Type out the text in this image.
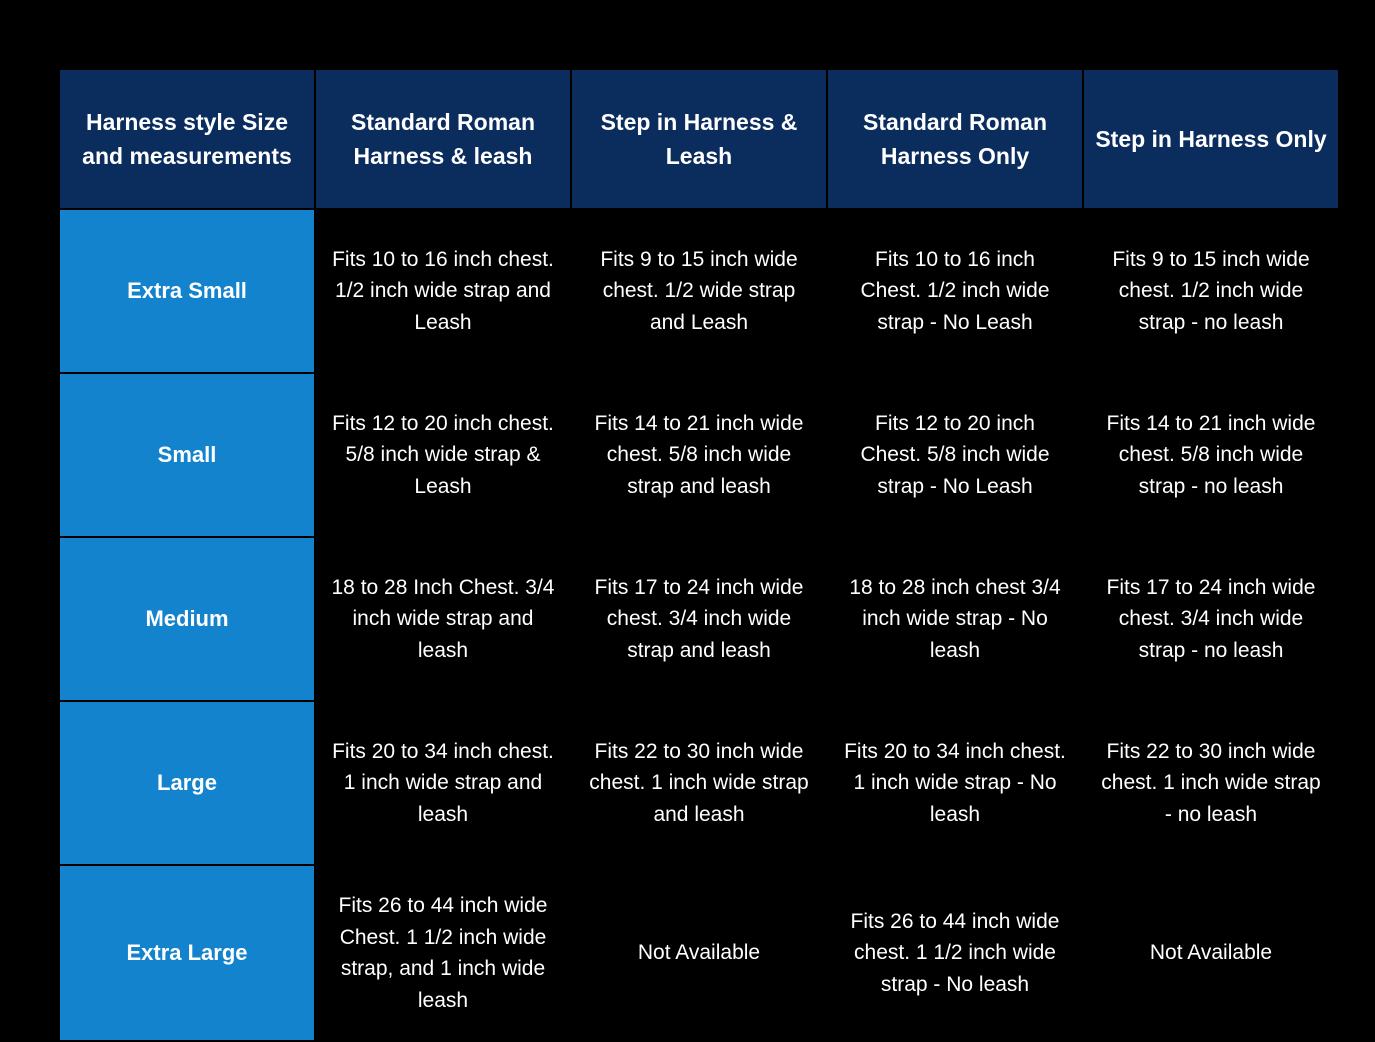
Harness style Size and measurements	Standard Roman Harness & leash	Step in Harness & Leash	Standard Roman Harness Only	Step in Harness Only
Extra Small	Fits 10 to 16 inch chest. 1/2 inch wide strap and Leash	Fits 9 to 15 inch wide chest. 1/2 wide strap and Leash	Fits 10 to 16 inch Chest. 1/2 inch wide strap - No Leash	Fits 9 to 15 inch wide chest. 1/2 inch wide strap - no leash
Small	Fits 12 to 20 inch chest. 5/8 inch wide strap & Leash	Fits 14 to 21 inch wide chest. 5/8 inch wide strap and leash	Fits 12 to 20 inch Chest. 5/8 inch wide strap - No Leash	Fits 14 to 21 inch wide chest. 5/8 inch wide strap - no leash
Medium	18 to 28 Inch Chest. 3/4 inch wide strap and leash	Fits 17 to 24 inch wide chest. 3/4 inch wide strap and leash	18 to 28 inch chest 3/4 inch wide strap - No leash	Fits 17 to 24 inch wide chest. 3/4 inch wide strap - no leash
Large	Fits 20 to 34 inch chest. 1 inch wide strap and leash	Fits 22 to 30 inch wide chest. 1 inch wide strap and leash	Fits 20 to 34 inch chest. 1 inch wide strap - No leash	Fits 22 to 30 inch wide chest. 1 inch wide strap - no leash
Extra Large	Fits 26 to 44 inch wide Chest. 1 1/2 inch wide strap, and 1 inch wide leash	Not Available	Fits 26 to 44 inch wide chest. 1 1/2 inch wide strap - No leash	Not Available
